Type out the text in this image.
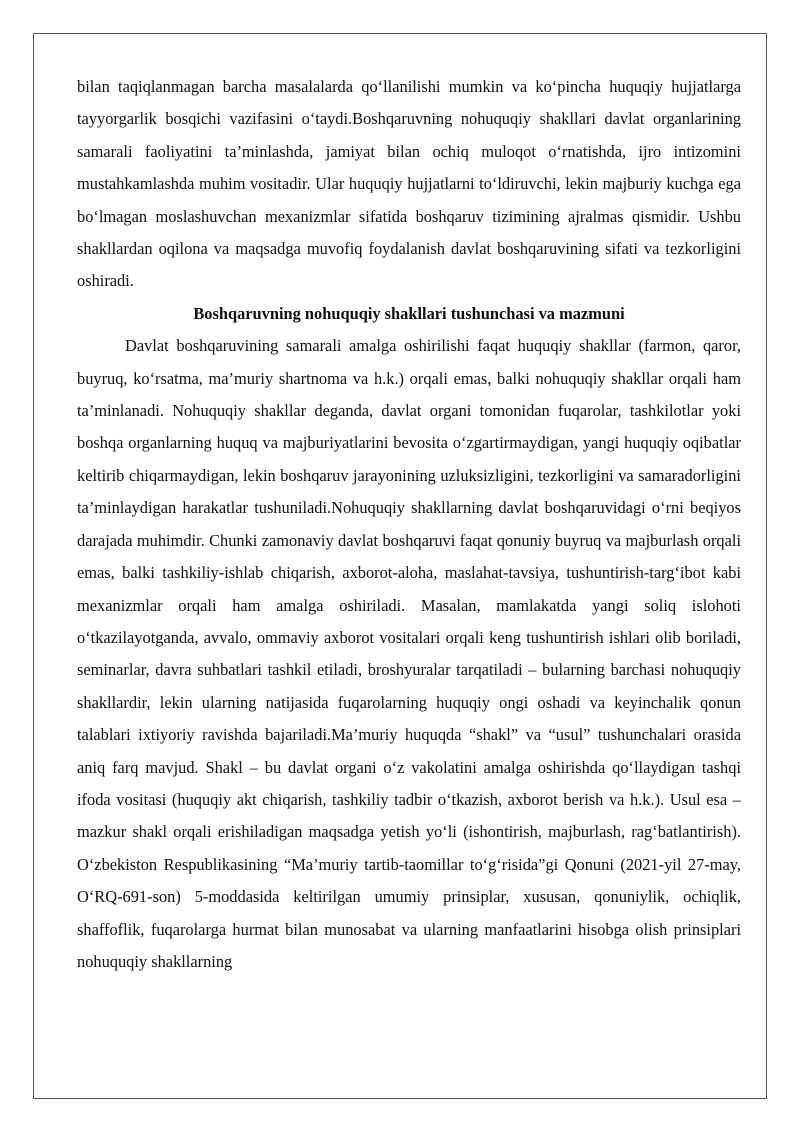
bilan taqiqlanmagan barcha masalalarda qo‘llanilishi mumkin va ko‘pincha huquqiy hujjatlarga tayyorgarlik bosqichi vazifasini o‘taydi.Boshqaruvning nohuquqiy shakllari davlat organlarining samarali faoliyatini ta’minlashda, jamiyat bilan ochiq muloqot o‘rnatishda, ijro intizomini mustahkamlashda muhim vositadir. Ular huquqiy hujjatlarni to‘ldiruvchi, lekin majburiy kuchga ega bo‘lmagan moslashuvchan mexanizmlar sifatida boshqaruv tizimining ajralmas qismidir. Ushbu shakllardan oqilona va maqsadga muvofiq foydalanish davlat boshqaruvining sifati va tezkorligini oshiradi.

Boshqaruvning nohuquqiy shakllari tushunchasi va mazmuni

Davlat boshqaruvining samarali amalga oshirilishi faqat huquqiy shakllar (farmon, qaror, buyruq, ko‘rsatma, ma’muriy shartnoma va h.k.) orqali emas, balki nohuquqiy shakllar orqali ham ta’minlanadi. Nohuquqiy shakllar deganda, davlat organi tomonidan fuqarolar, tashkilotlar yoki boshqa organlarning huquq va majburiyatlarini bevosita o‘zgartirmaydigan, yangi huquqiy oqibatlar keltirib chiqarmaydigan, lekin boshqaruv jarayonining uzluksizligini, tezkorligini va samaradorligini ta’minlaydigan harakatlar tushuniladi.Nohuquqiy shakllarning davlat boshqaruvidagi o‘rni beqiyos darajada muhimdir. Chunki zamonaviy davlat boshqaruvi faqat qonuniy buyruq va majburlash orqali emas, balki tashkiliy-ishlab chiqarish, axborot-aloha, maslahat-tavsiya, tushuntirish-targ‘ibot kabi mexanizmlar orqali ham amalga oshiriladi. Masalan, mamlakatda yangi soliq islohoti o‘tkazilayotganda, avvalo, ommaviy axborot vositalari orqali keng tushuntirish ishlari olib boriladi, seminarlar, davra suhbatlari tashkil etiladi, broshyuralar tarqatiladi – bularning barchasi nohuquqiy shakllardir, lekin ularning natijasida fuqarolarning huquqiy ongi oshadi va keyinchalik qonun talablari ixtiyoriy ravishda bajariladi.Ma’muriy huquqda “shakl” va “usul” tushunchalari orasida aniq farq mavjud. Shakl – bu davlat organi o‘z vakolatini amalga oshirishda qo‘llaydigan tashqi ifoda vositasi (huquqiy akt chiqarish, tashkiliy tadbir o‘tkazish, axborot berish va h.k.). Usul esa – mazkur shakl orqali erishiladigan maqsadga yetish yo‘li (ishontirish, majburlash, rag‘batlantirish). O‘zbekiston Respublikasining “Ma’muriy tartib-taomillar to‘g‘risida”gi Qonuni (2021-yil 27-may, O‘RQ-691-son) 5-moddasida keltirilgan umumiy prinsiplar, xususan, qonuniylik, ochiqlik, shaffoflik, fuqarolarga hurmat bilan munosabat va ularning manfaatlarini hisobga olish prinsiplari nohuquqiy shakllarning
